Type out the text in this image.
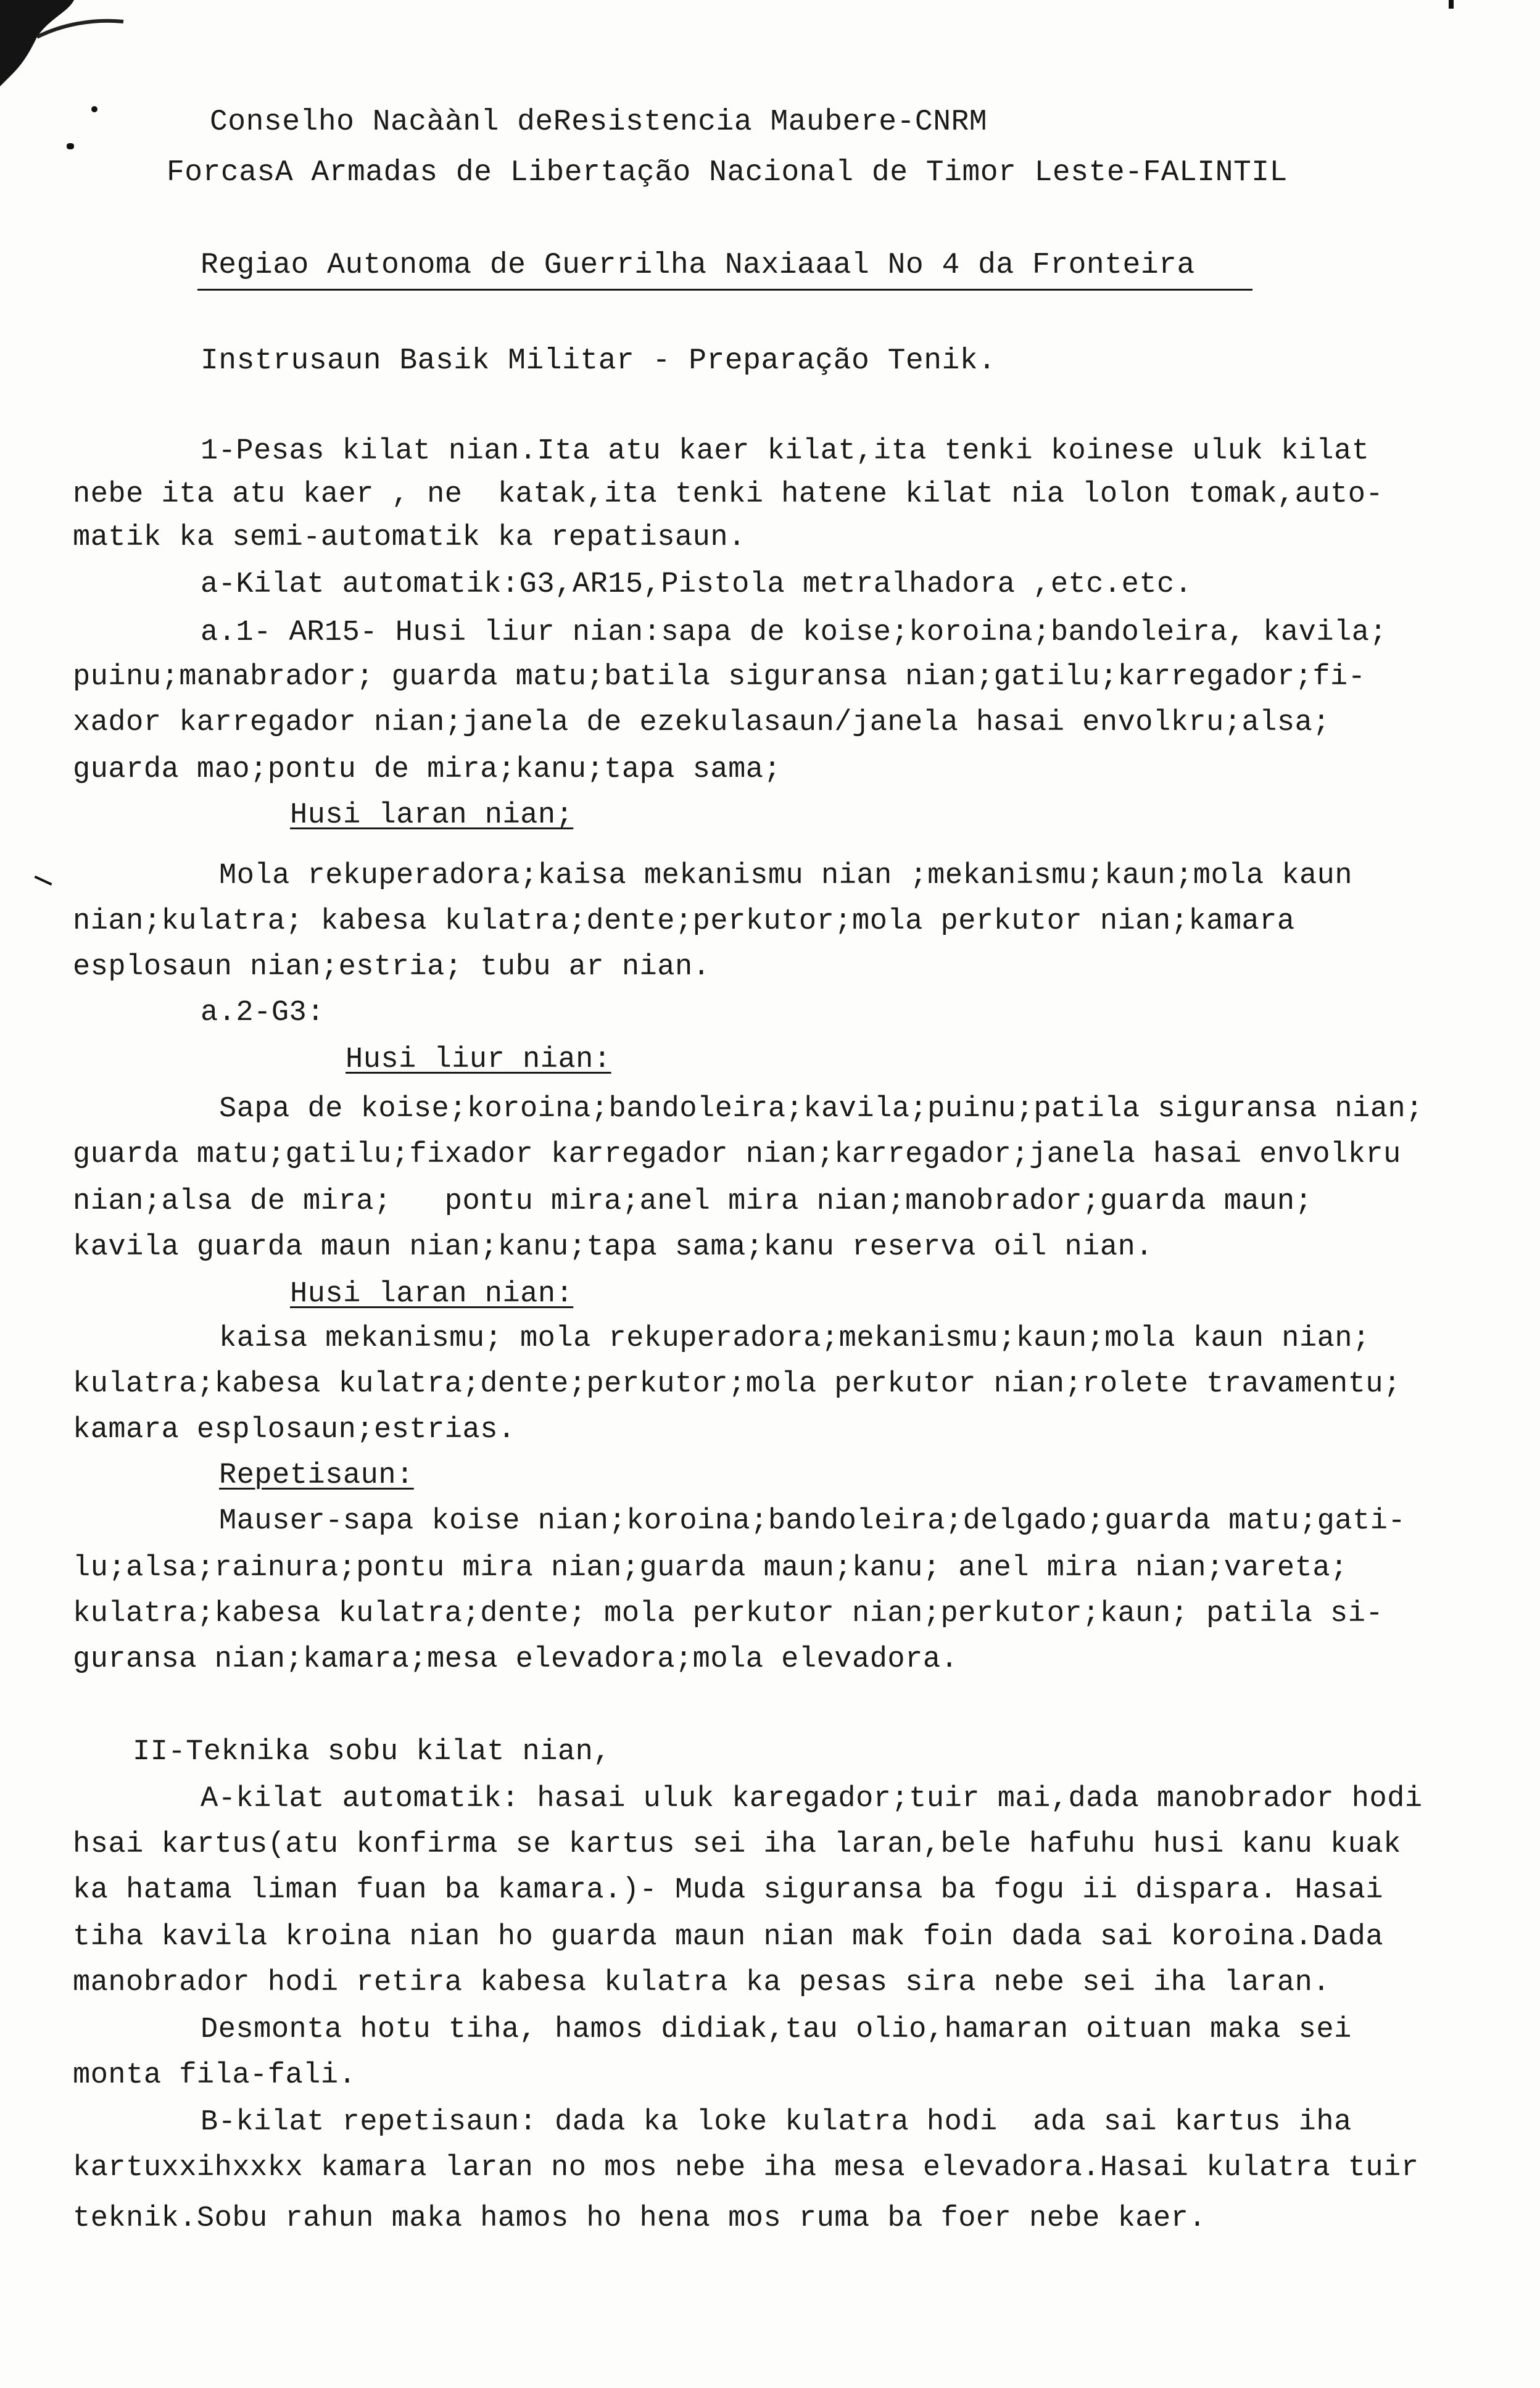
Conselho Nacàànl deResistencia Maubere-CNRM
ForcasA Armadas de Libertação Nacional de Timor Leste-FALINTIL
Regiao Autonoma de Guerrilha Naxiaaal No 4 da Fronteira
Instrusaun Basik Militar - Preparação Tenik.
1-Pesas kilat nian.Ita atu kaer kilat,ita tenki koinese uluk kilat
nebe ita atu kaer , ne  katak,ita tenki hatene kilat nia lolon tomak,auto-
matik ka semi-automatik ka repatisaun.
a-Kilat automatik:G3,AR15,Pistola metralhadora ,etc.etc.
a.1- AR15- Husi liur nian:sapa de koise;koroina;bandoleira, kavila;
puinu;manabrador; guarda matu;batila siguransa nian;gatilu;karregador;fi-
xador karregador nian;janela de ezekulasaun/janela hasai envolkru;alsa;
guarda mao;pontu de mira;kanu;tapa sama;
Husi laran nian;
Mola rekuperadora;kaisa mekanismu nian ;mekanismu;kaun;mola kaun
nian;kulatra; kabesa kulatra;dente;perkutor;mola perkutor nian;kamara
esplosaun nian;estria; tubu ar nian.
a.2-G3:
Husi liur nian:
Sapa de koise;koroina;bandoleira;kavila;puinu;patila siguransa nian;
guarda matu;gatilu;fixador karregador nian;karregador;janela hasai envolkru
nian;alsa de mira;   pontu mira;anel mira nian;manobrador;guarda maun;
kavila guarda maun nian;kanu;tapa sama;kanu reserva oil nian.
Husi laran nian:
kaisa mekanismu; mola rekuperadora;mekanismu;kaun;mola kaun nian;
kulatra;kabesa kulatra;dente;perkutor;mola perkutor nian;rolete travamentu;
kamara esplosaun;estrias.
Repetisaun:
Mauser-sapa koise nian;koroina;bandoleira;delgado;guarda matu;gati-
lu;alsa;rainura;pontu mira nian;guarda maun;kanu; anel mira nian;vareta;
kulatra;kabesa kulatra;dente; mola perkutor nian;perkutor;kaun; patila si-
guransa nian;kamara;mesa elevadora;mola elevadora.
II-Teknika sobu kilat nian,
A-kilat automatik: hasai uluk karegador;tuir mai,dada manobrador hodi
hsai kartus(atu konfirma se kartus sei iha laran,bele hafuhu husi kanu kuak
ka hatama liman fuan ba kamara.)- Muda siguransa ba fogu ii dispara. Hasai
tiha kavila kroina nian ho guarda maun nian mak foin dada sai koroina.Dada
manobrador hodi retira kabesa kulatra ka pesas sira nebe sei iha laran.
Desmonta hotu tiha, hamos didiak,tau olio,hamaran oituan maka sei
monta fila-fali.
B-kilat repetisaun: dada ka loke kulatra hodi  ada sai kartus iha
kartuxxihxxkx kamara laran no mos nebe iha mesa elevadora.Hasai kulatra tuir
teknik.Sobu rahun maka hamos ho hena mos ruma ba foer nebe kaer.
